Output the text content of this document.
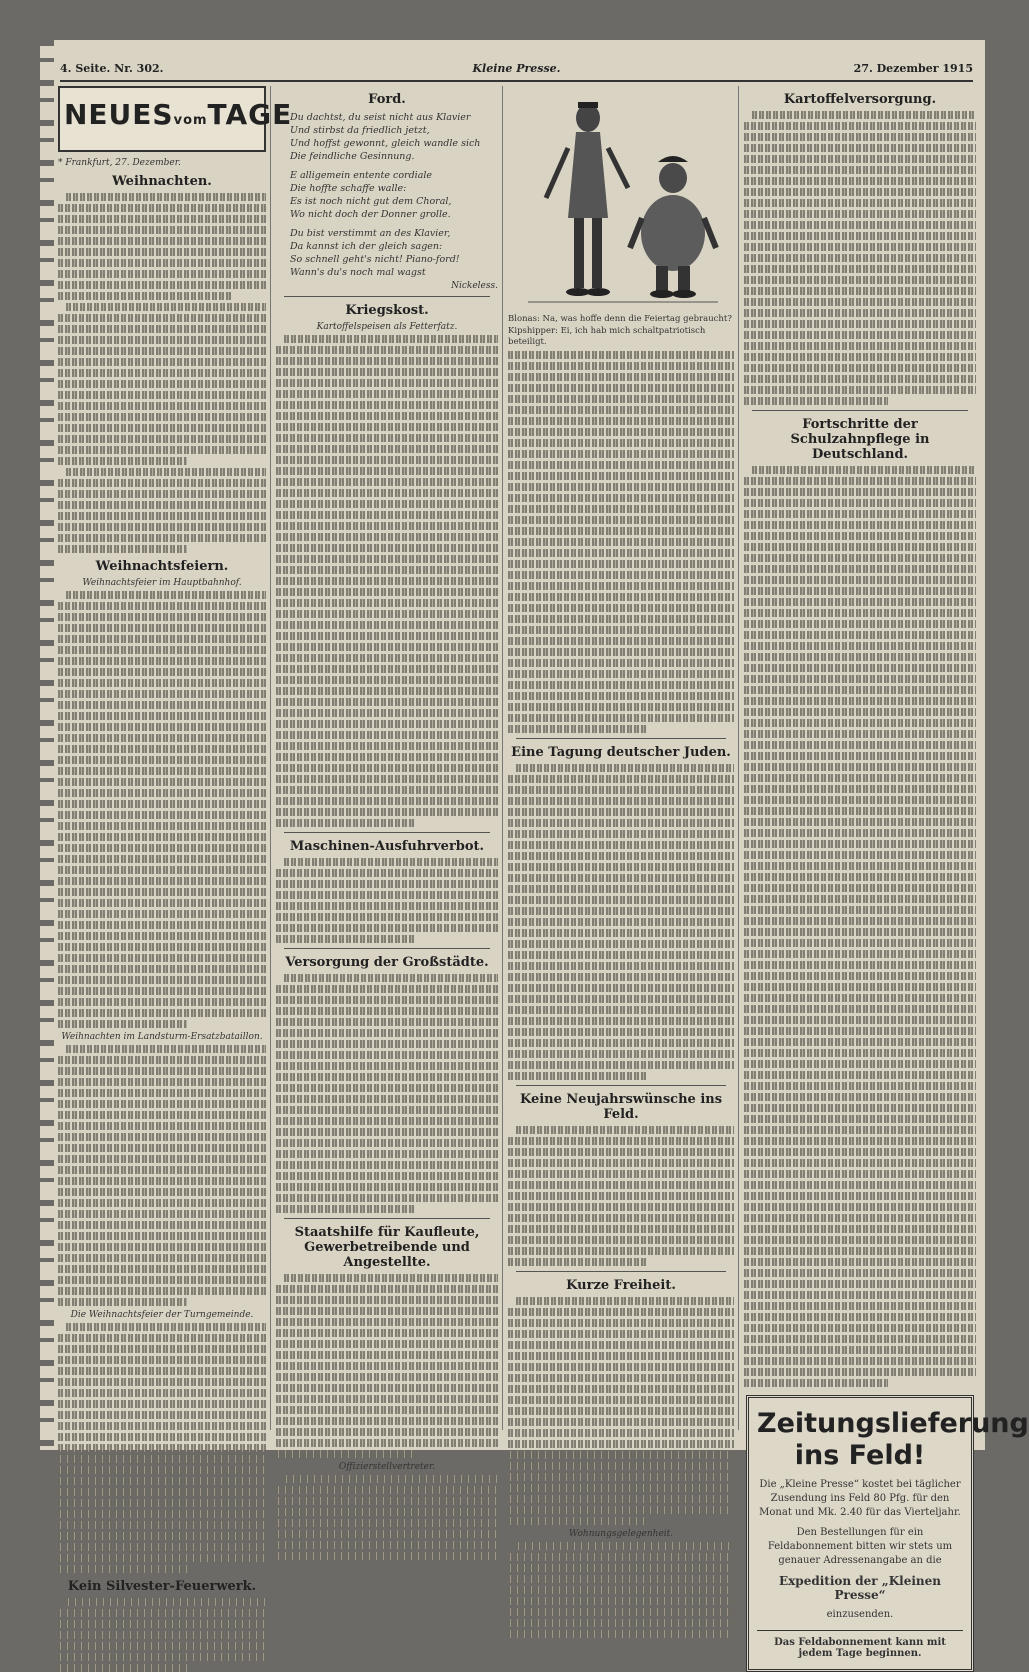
4. Seite. Nr. 302.	Kleine Presse.	27. Dezember 1915
NEUESvomTAGE
* Frankfurt, 27. Dezember.
Weihnachten.
Weihnachtsfeiern.
Weihnachtsfeier im Hauptbahnhof.
Weihnachten im Landsturm-Ersatzbataillon.
Die Weihnachtsfeier der Turngemeinde.
Kein Silvester-Feuerwerk.
Ford.
Du dachtst, du seist nicht aus Klavier
Und stirbst da friedlich jetzt,
Und hoffst gewonnt, gleich wandle sich
Die feindliche Gesinnung.
E alligemein entente cordiale
Die hoffte schaffe walle:
Es ist noch nicht gut dem Choral,
Wo nicht doch der Donner grolle.
Du bist verstimmt an des Klavier,
Da kannst ich der gleich sagen:
So schnell geht's nicht! Piano-ford!
Wann's du's noch mal wagst
Nickeless.
Kriegskost.
Kartoffelspeisen als Fetterfatz.
Maschinen-Ausfuhrverbot.
Versorgung der Großstädte.
Staatshilfe für Kaufleute, Gewerbetreibende und Angestellte.
Offizierstellvertreter.
Blonas: Na, was hoffe denn die Feiertag gebraucht?
Kipshipper: Ei, ich hab mich schaltpatriotisch beteiligt.
Eine Tagung deutscher Juden.
Keine Neujahrswünsche ins Feld.
Kurze Freiheit.
Wohnungsgelegenheit.
Kartoffelversorgung.
Fortschritte der Schulzahnpflege in Deutschland.
Zeitungslieferung ins Feld!
Die „Kleine Presse“ kostet bei täglicher Zusendung ins Feld 80 Pfg. für den Monat und Mk. 2.40 für das Vierteljahr.
Den Bestellungen für ein Feldabonnement bitten wir stets um genauer Adressenangabe an die
Expedition der „Kleinen Presse“
einzusenden.
Das Feldabonnement kann mit jedem Tage beginnen.
